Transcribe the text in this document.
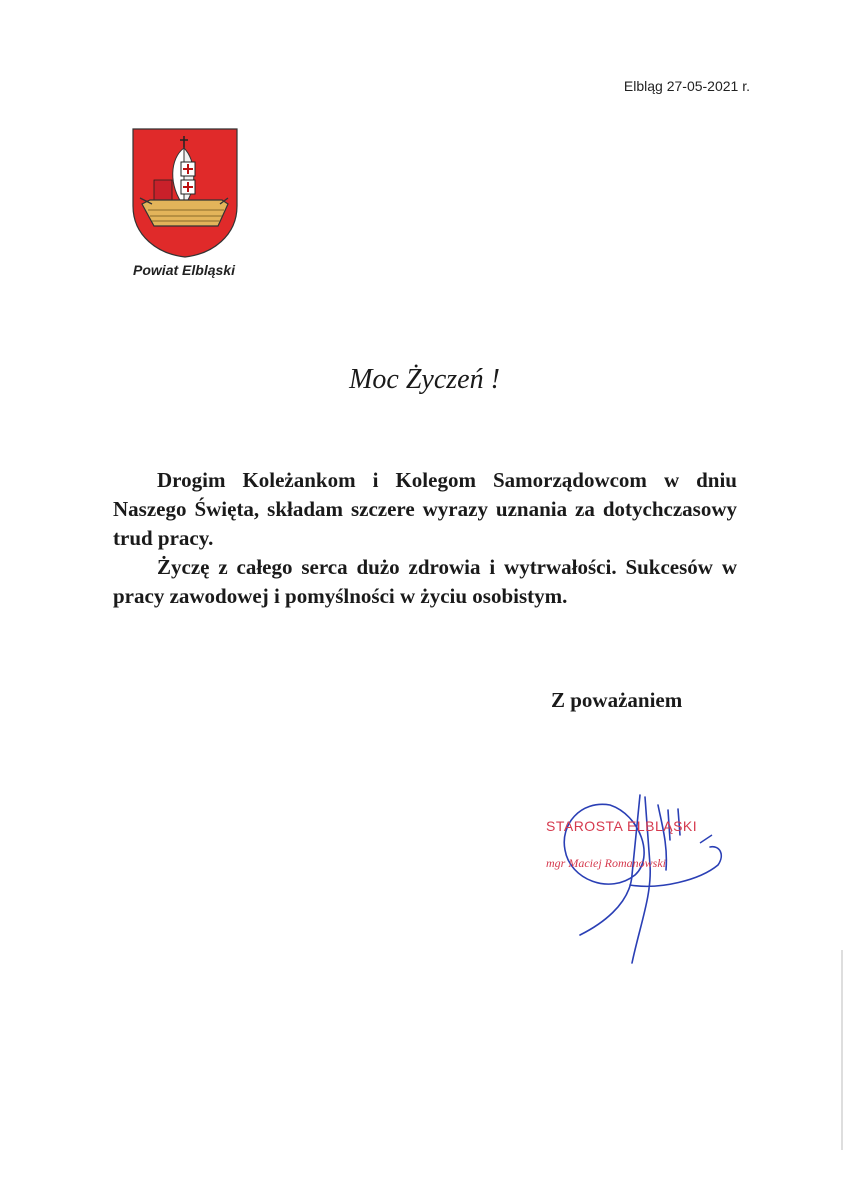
Elbląg 27-05-2021 r.
Powiat Elbląski
Moc Życzeń !

Drogim Koleżankom i Kolegom Samorządowcom w dniu Naszego Święta, składam szczere wyrazy uznania za dotychczasowy trud pracy.

Życzę z całego serca dużo zdrowia i wytrwałości. Sukcesów w pracy zawodowej i pomyślności w życiu osobistym.

Z poważaniem
STAROSTA ELBLĄSKI
mgr Maciej Romanowski
